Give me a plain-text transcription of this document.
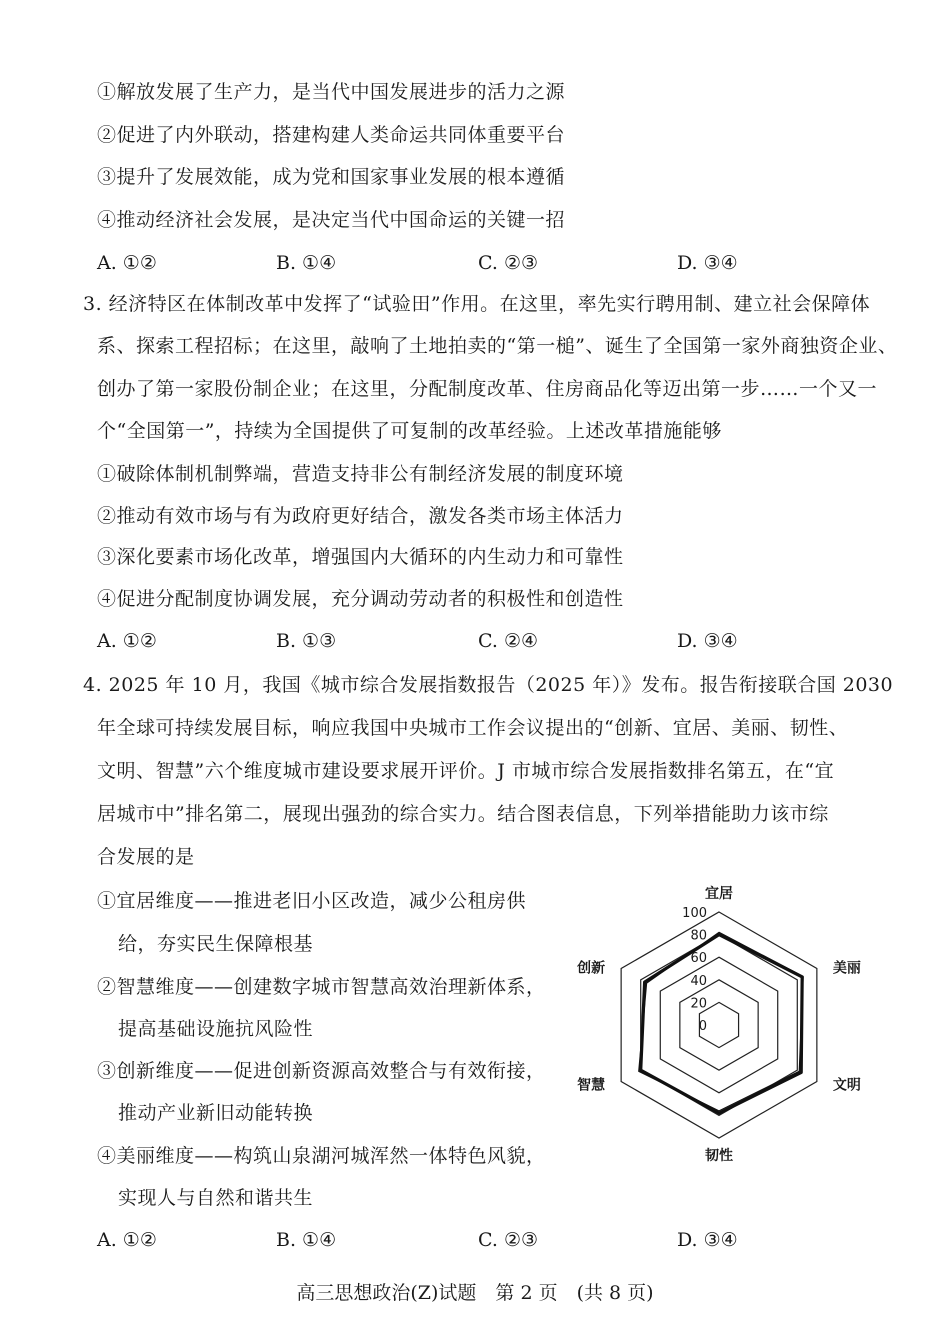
①解放发展了生产力，是当代中国发展进步的活力之源
②促进了内外联动，搭建构建人类命运共同体重要平台
③提升了发展效能，成为党和国家事业发展的根本遵循
④推动经济社会发展，是决定当代中国命运的关键一招
A. ①②	B. ①④	C. ②③	D. ③④
3. 经济特区在体制改革中发挥了“试验田”作用。在这里，率先实行聘用制、建立社会保障体
系、探索工程招标；在这里，敲响了土地拍卖的“第一槌”、诞生了全国第一家外商独资企业、
创办了第一家股份制企业；在这里，分配制度改革、住房商品化等迈出第一步……一个又一
个“全国第一”，持续为全国提供了可复制的改革经验。上述改革措施能够
①破除体制机制弊端，营造支持非公有制经济发展的制度环境
②推动有效市场与有为政府更好结合，激发各类市场主体活力
③深化要素市场化改革，增强国内大循环的内生动力和可靠性
④促进分配制度协调发展，充分调动劳动者的积极性和创造性
A. ①②	B. ①③	C. ②④	D. ③④
4. 2025 年 10 月，我国《城市综合发展指数报告（2025 年）》发布。报告衔接联合国 2030
年全球可持续发展目标，响应我国中央城市工作会议提出的“创新、宜居、美丽、韧性、
文明、智慧”六个维度城市建设要求展开评价。J 市城市综合发展指数排名第五，在“宜
居城市中”排名第二，展现出强劲的综合实力。结合图表信息，下列举措能助力该市综
合发展的是
①宜居维度——推进老旧小区改造，减少公租房供
给，夯实民生保障根基
②智慧维度——创建数字城市智慧高效治理新体系，
提高基础设施抗风险性
③创新维度——促进创新资源高效整合与有效衔接，
推动产业新旧动能转换
④美丽维度——构筑山泉湖河城浑然一体特色风貌，
实现人与自然和谐共生
0
20
40
60
80
100
宜居
美丽
文明
韧性
智慧
创新
A. ①②	B. ①④	C. ②③	D. ③④
高三思想政治(Z)试题　第 2 页　(共 8 页)
